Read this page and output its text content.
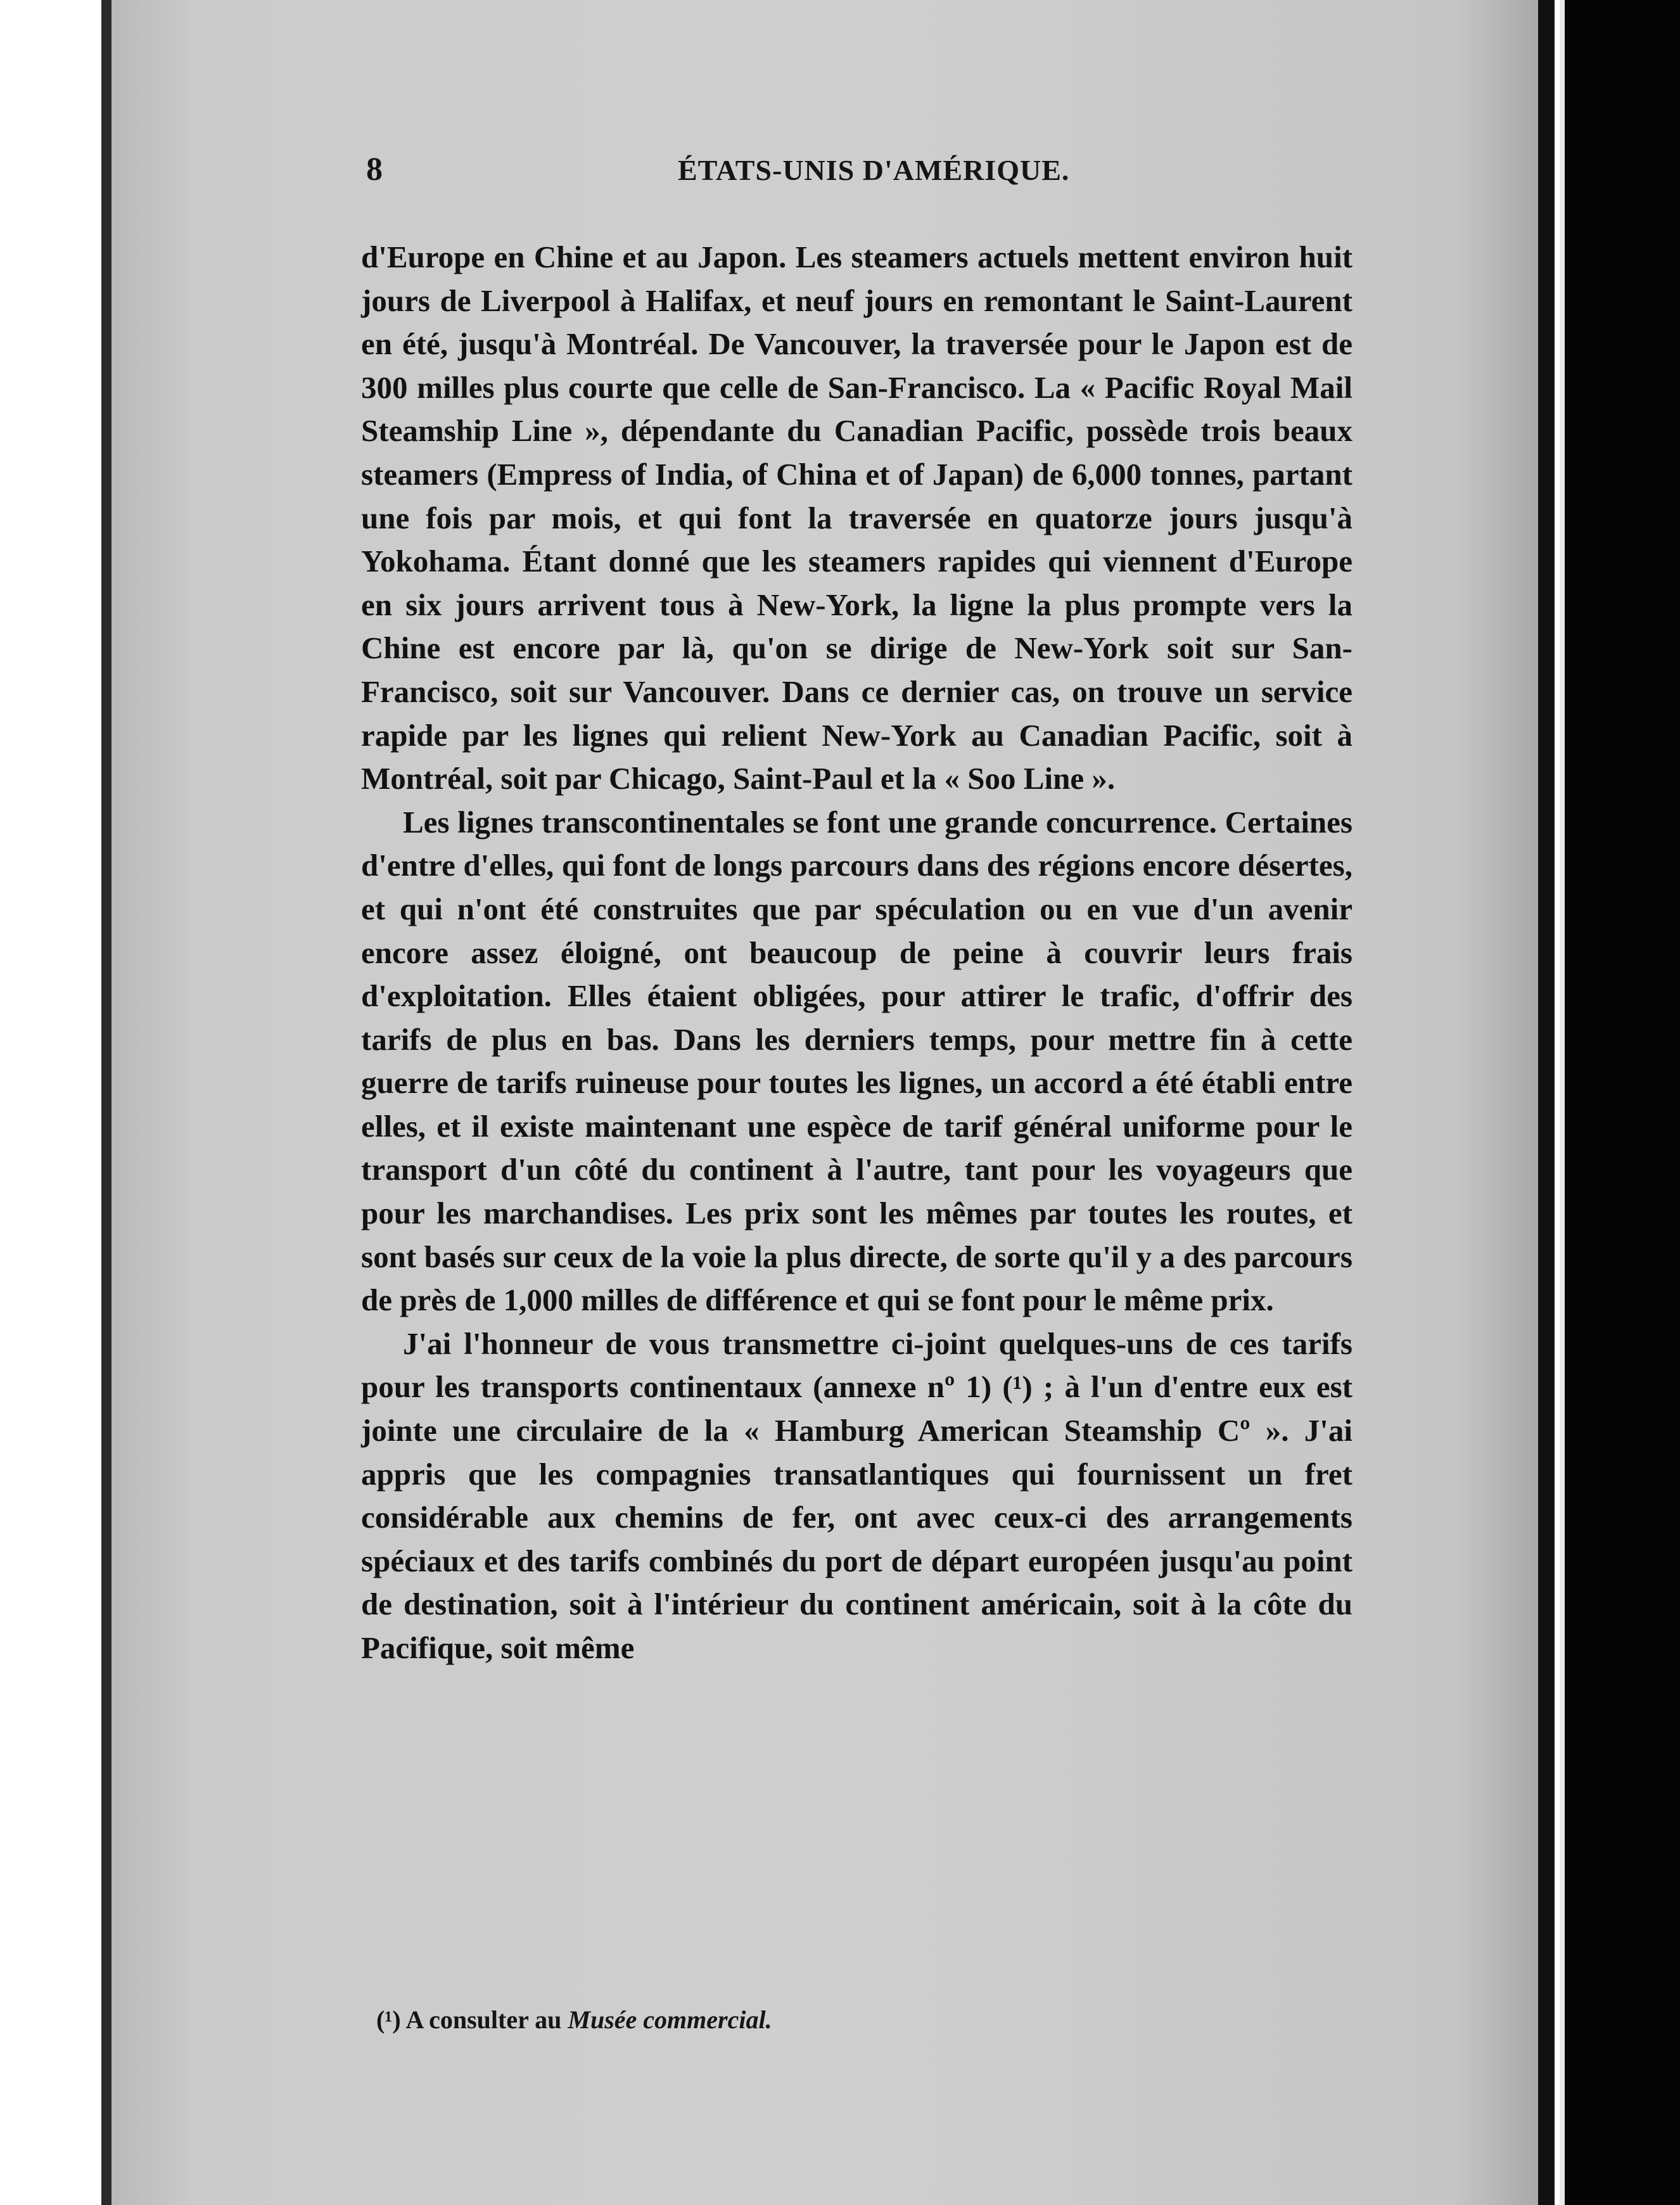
8	ÉTATS-UNIS D'AMÉRIQUE.

d'Europe en Chine et au Japon. Les steamers actuels mettent environ huit jours de Liverpool à Halifax, et neuf jours en remontant le Saint-Laurent en été, jusqu'à Montréal. De Vancouver, la traversée pour le Japon est de 300 milles plus courte que celle de San-Francisco. La « Pacific Royal Mail Steamship Line », dépendante du Canadian Pacific, possède trois beaux steamers (Empress of India, of China et of Japan) de 6,000 tonnes, partant une fois par mois, et qui font la traversée en quatorze jours jusqu'à Yokohama. Étant donné que les steamers rapides qui viennent d'Europe en six jours arrivent tous à New-York, la ligne la plus prompte vers la Chine est encore par là, qu'on se dirige de New-York soit sur San-Francisco, soit sur Vancouver. Dans ce dernier cas, on trouve un service rapide par les lignes qui relient New-York au Canadian Pacific, soit à Montréal, soit par Chicago, Saint-Paul et la « Soo Line ».

Les lignes transcontinentales se font une grande concurrence. Certaines d'entre d'elles, qui font de longs parcours dans des régions encore désertes, et qui n'ont été construites que par spéculation ou en vue d'un avenir encore assez éloigné, ont beaucoup de peine à couvrir leurs frais d'exploitation. Elles étaient obligées, pour attirer le trafic, d'offrir des tarifs de plus en bas. Dans les derniers temps, pour mettre fin à cette guerre de tarifs ruineuse pour toutes les lignes, un accord a été établi entre elles, et il existe maintenant une espèce de tarif général uniforme pour le transport d'un côté du continent à l'autre, tant pour les voyageurs que pour les marchandises. Les prix sont les mêmes par toutes les routes, et sont basés sur ceux de la voie la plus directe, de sorte qu'il y a des parcours de près de 1,000 milles de différence et qui se font pour le même prix.

J'ai l'honneur de vous transmettre ci-joint quelques-uns de ces tarifs pour les transports continentaux (annexe nº 1) (¹) ; à l'un d'entre eux est jointe une circulaire de la « Hamburg American Steamship Cº ». J'ai appris que les compagnies transatlantiques qui fournissent un fret considérable aux chemins de fer, ont avec ceux-ci des arrangements spéciaux et des tarifs combinés du port de départ européen jusqu'au point de destination, soit à l'intérieur du continent américain, soit à la côte du Pacifique, soit même

(¹) A consulter au Musée commercial.
